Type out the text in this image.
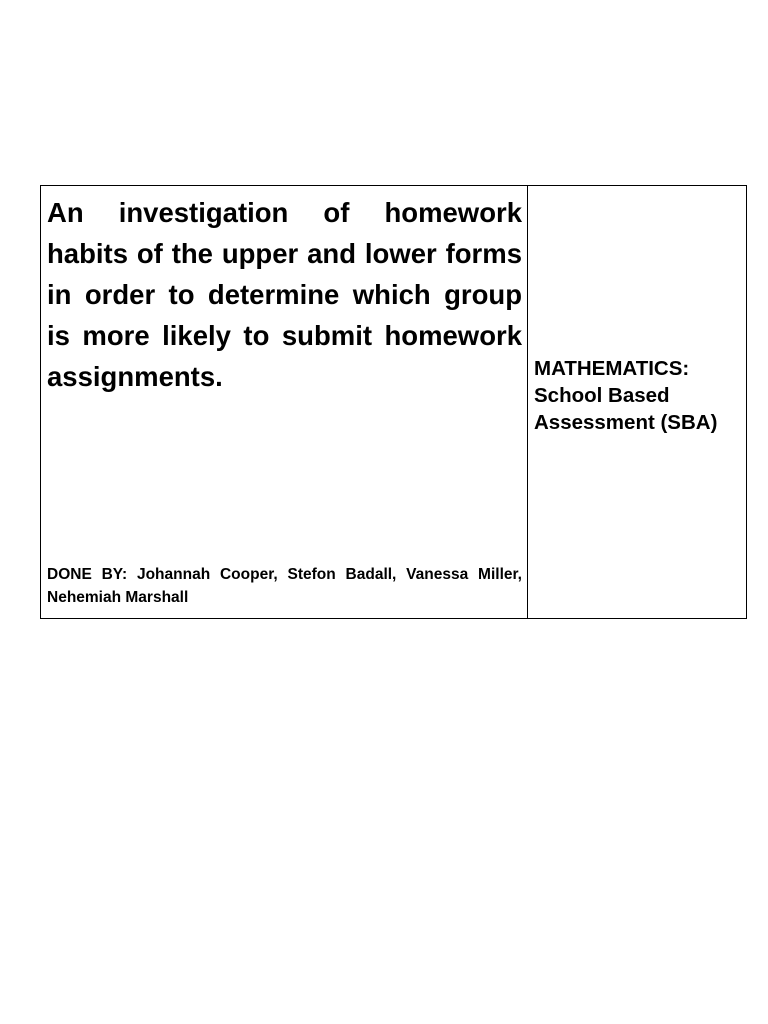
An investigation of homework habits of the upper and lower forms in order to determine which group is more likely to submit homework assignments.

DONE BY: Johannah Cooper, Stefon Badall, Vanessa Miller, Nehemiah Marshall

MATHEMATICS:
School Based
Assessment (SBA)
